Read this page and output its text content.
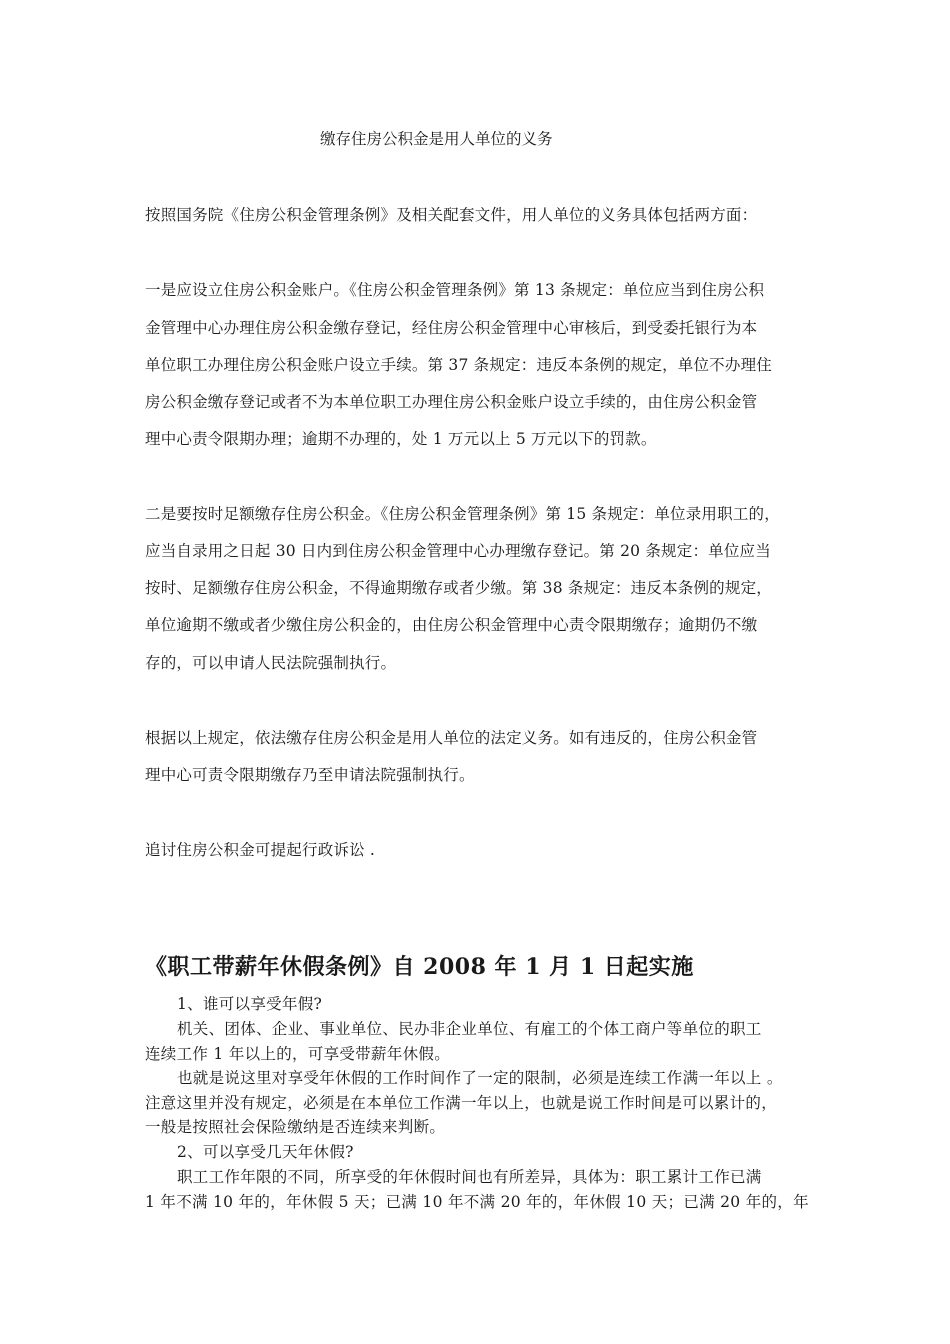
缴存住房公积金是用人单位的义务
按照国务院《住房公积金管理条例》及相关配套文件，用人单位的义务具体包括两方面：
一是应设立住房公积金账户。《住房公积金管理条例》第 13 条规定：单位应当到住房公积
金管理中心办理住房公积金缴存登记，经住房公积金管理中心审核后，到受委托银行为本
单位职工办理住房公积金账户设立手续。第 37 条规定：违反本条例的规定，单位不办理住
房公积金缴存登记或者不为本单位职工办理住房公积金账户设立手续的，由住房公积金管
理中心责令限期办理；逾期不办理的，处 1 万元以上 5 万元以下的罚款。
二是要按时足额缴存住房公积金。《住房公积金管理条例》第 15 条规定：单位录用职工的，
应当自录用之日起 30 日内到住房公积金管理中心办理缴存登记。第 20 条规定：单位应当
按时、足额缴存住房公积金，不得逾期缴存或者少缴。第 38 条规定：违反本条例的规定，
单位逾期不缴或者少缴住房公积金的，由住房公积金管理中心责令限期缴存；逾期仍不缴
存的，可以申请人民法院强制执行。
根据以上规定，依法缴存住房公积金是用人单位的法定义务。如有违反的，住房公积金管
理中心可责令限期缴存乃至申请法院强制执行。
追讨住房公积金可提起行政诉讼 .
《职工带薪年休假条例》自 2008 年 1 月 1 日起实施
1、谁可以享受年假?
机关、团体、企业、事业单位、民办非企业单位、有雇工的个体工商户等单位的职工
连续工作 1 年以上的，可享受带薪年休假。
也就是说这里对享受年休假的工作时间作了一定的限制，必须是连续工作满一年以上 。
注意这里并没有规定，必须是在本单位工作满一年以上，也就是说工作时间是可以累计的，
一般是按照社会保险缴纳是否连续来判断。
2、可以享受几天年休假?
职工工作年限的不同，所享受的年休假时间也有所差异，具体为：职工累计工作已满
1 年不满 10 年的，年休假 5 天；已满 10 年不满 20 年的，年休假 10 天；已满 20 年的，年
